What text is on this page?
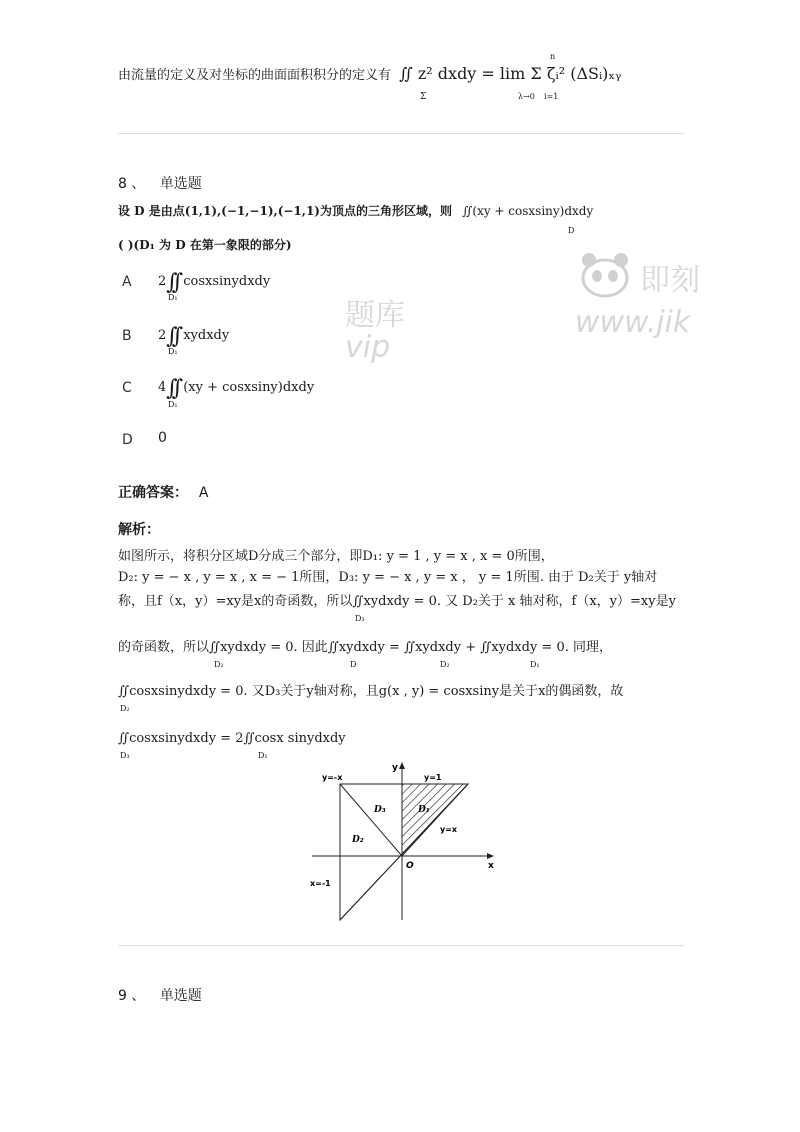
由流量的定义及对坐标的曲面面积积分的定义有 ∬ z² dxdy = lim Σ ζᵢ² (ΔSᵢ)ₓᵧ
Σ	λ→0
n
i=1
8 、 单选题
设 D 是由点(1,1),(−1,−1),(−1,1)为顶点的三角形区域，则 ∬(xy + cosxsiny)dxdy
D
( )(D₁ 为 D 在第一象限的部分)
A 2∫∫ cosxsinydxdy
D₁
B 2∫∫ xydxdy
D₁
C 4∫∫ (xy + cosxsiny)dxdy
D₁
D 0
正确答案： A
解析：
如图所示，将积分区域D分成三个部分，即D₁: y = 1 , y = x , x = 0所围，
D₂: y = − x , y = x , x = − 1所围，D₃: y = − x , y = x ， y = 1所围. 由于 D₂关于 y轴对
称，且f（x，y）=xy是x的奇函数，所以∬xydxdy = 0. 又 D₂关于 x 轴对称，f（x，y）=xy是y
D₃
的奇函数，所以∬xydxdy = 0. 因此∬xydxdy = ∬xydxdy + ∬xydxdy = 0. 同理，
D₂	D	D₂	D₁
∬cosxsinydxdy = 0. 又D₃关于y轴对称，且g(x , y) = cosxsiny是关于x的偶函数，故
D₂
∬cosxsinydxdy = 2∬cosx sinydxdy
D₃	D₁
y=-x
y
y=1
D₃	D₁
D₂
y=x
O	x
x=-1
9 、 单选题
题库
vip
即刻
www.jik
